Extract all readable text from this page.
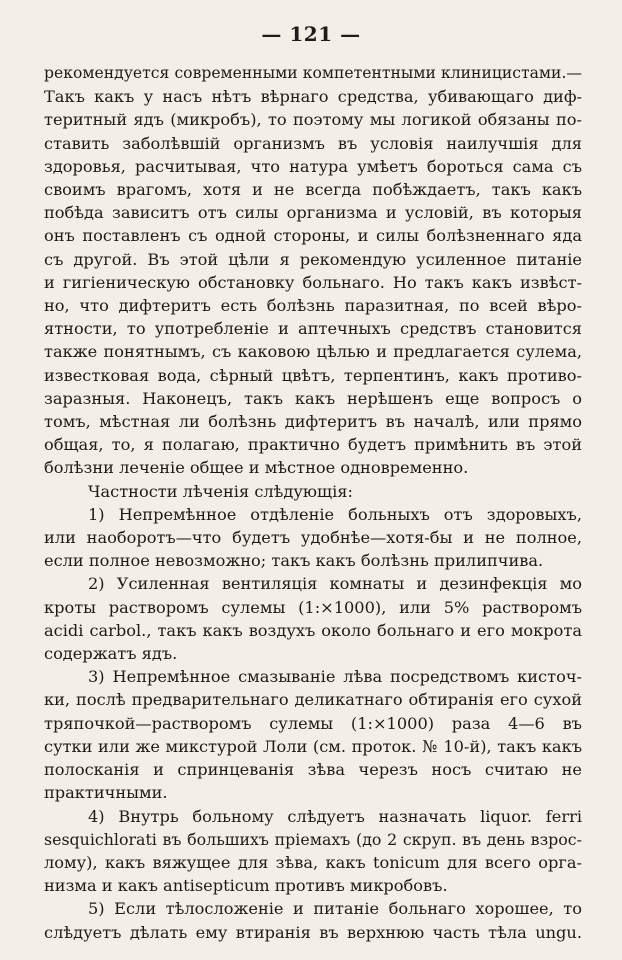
— 121 —
рекомендуется современными компетентными клиницистами.—
Такъ какъ у насъ нѣтъ вѣрнаго средства, убивающаго диф-
теритный ядъ (микробъ), то поэтому мы логикой обязаны по-
ставить заболѣвшій организмъ въ условія наилучшія для
здоровья, расчитывая, что натура умѣетъ бороться сама съ
своимъ врагомъ, хотя и не всегда побѣждаетъ, такъ какъ
побѣда зависитъ отъ силы организма и условій, въ которыя
онъ поставленъ съ одной стороны, и силы болѣзненнаго яда
съ другой. Въ этой цѣли я рекомендую усиленное питаніе
и гигіеническую обстановку больнаго. Но такъ какъ извѣст-
но, что дифтеритъ есть болѣзнь паразитная, по всей вѣро-
ятности, то употребленіе и аптечныхъ средствъ становится
также понятнымъ, съ каковою цѣлью и предлагается сулема,
известковая вода, сѣрный цвѣтъ, терпентинъ, какъ противо-
заразныя. Наконецъ, такъ какъ нерѣшенъ еще вопросъ о
томъ, мѣстная ли болѣзнь дифтеритъ въ началѣ, или прямо
общая, то, я полагаю, практично будетъ примѣнить въ этой
болѣзни леченіе общее и мѣстное одновременно.
Частности лѣченія слѣдующія:
1) Непремѣнное отдѣленіе больныхъ отъ здоровыхъ,
или наоборотъ—что будетъ удобнѣе—хотя-бы и не полное,
если полное невозможно; такъ какъ болѣзнь прилипчива.
2) Усиленная вентиляція комнаты и дезинфекція мо
кроты растворомъ сулемы (1:×1000), или 5% растворомъ
acidi carbol., такъ какъ воздухъ около больнаго и его мокрота
содержатъ ядъ.
3) Непремѣнное смазываніе лѣва посредствомъ кисточ-
ки, послѣ предварительнаго деликатнаго обтиранія его сухой
тряпочкой—растворомъ сулемы (1:×1000) раза 4—6 въ
сутки или же микстурой Лоли (см. проток. № 10-й), такъ какъ
полосканія и спринцеванія зѣва черезъ носъ считаю не
практичными.
4) Внутрь больному слѣдуетъ назначать liquor. ferri
sesquichlorati въ большихъ пріемахъ (до 2 скруп. въ день взрос-
лому), какъ вяжущее для зѣва, какъ tonicum для всего орга-
низма и какъ antisepticum противъ микробовъ.
5) Если тѣлосложеніе и питаніе больнаго хорошее, то
слѣдуетъ дѣлать ему втиранія въ верхнюю часть тѣла ungu.
